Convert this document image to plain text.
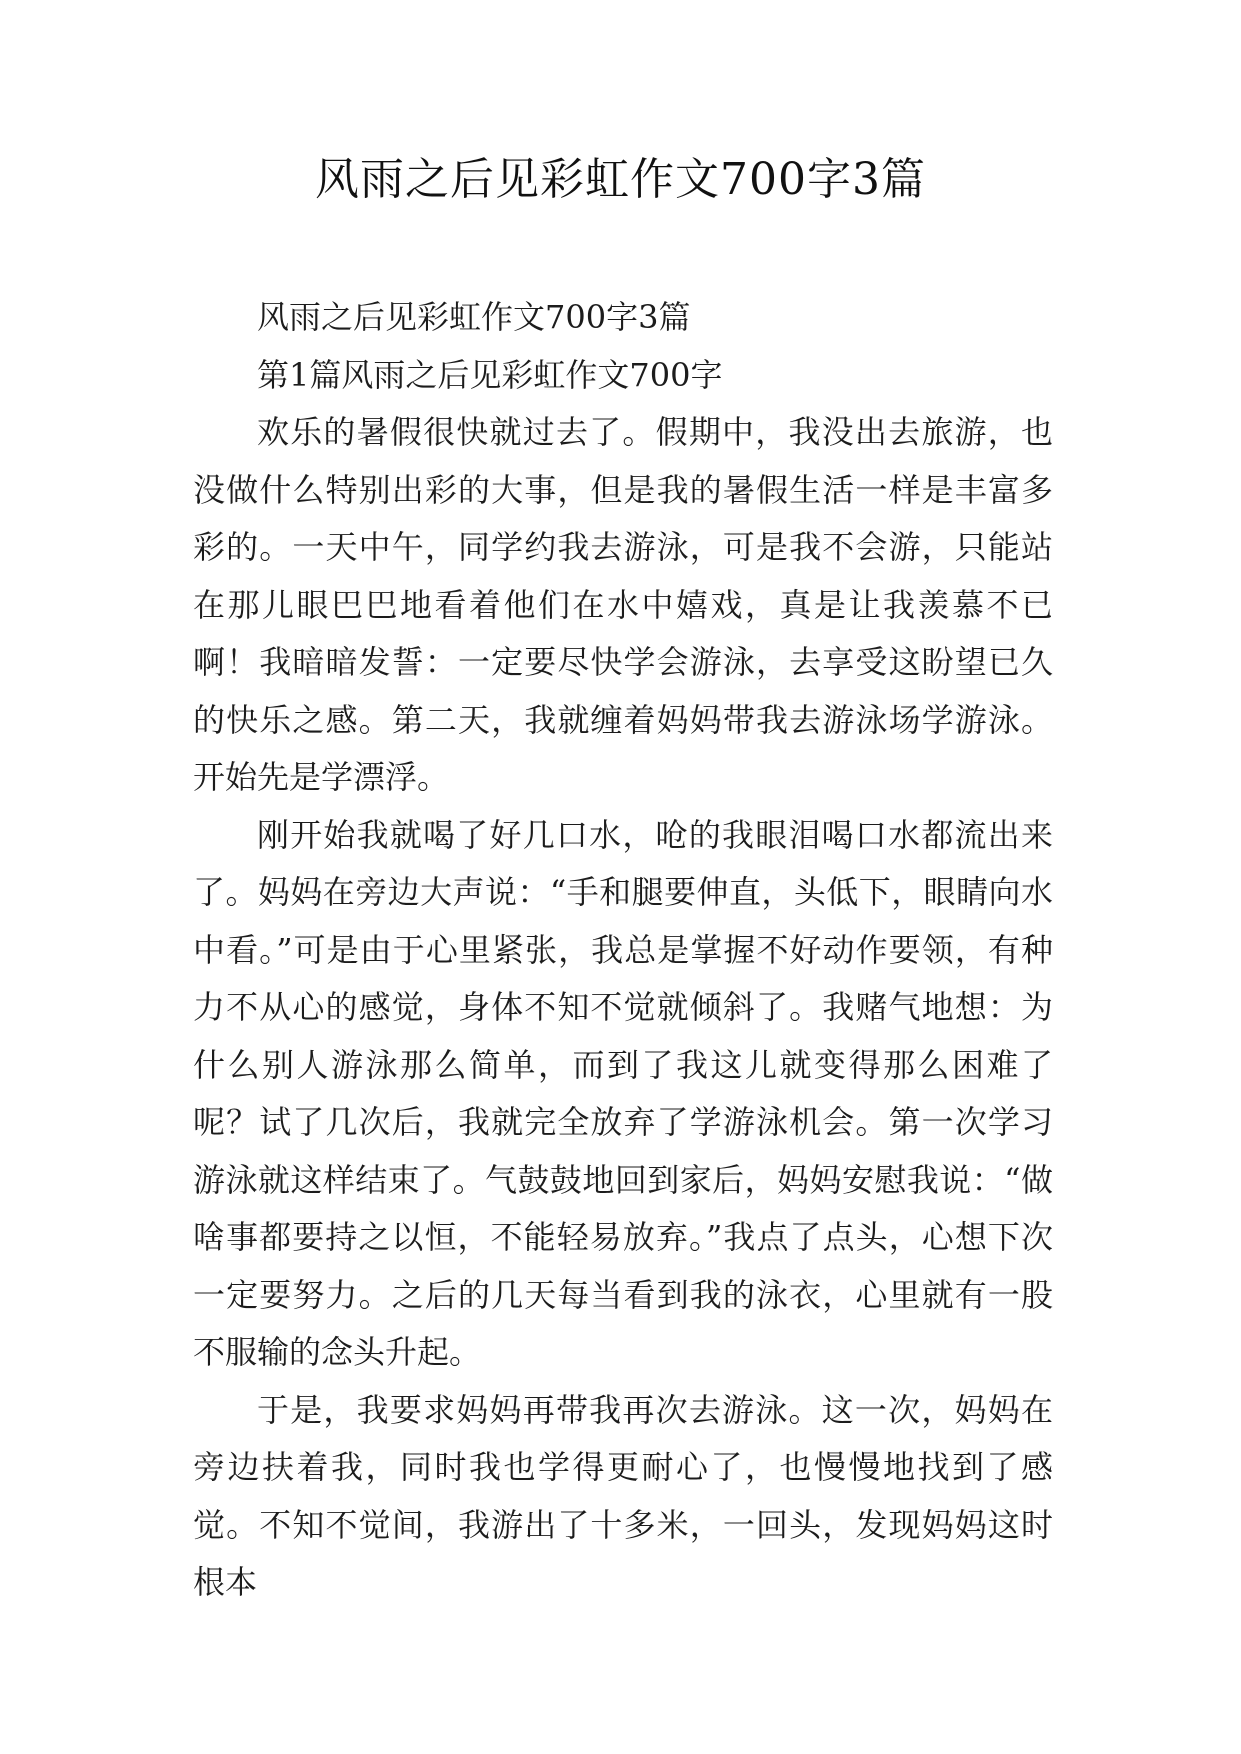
风雨之后见彩虹作文700字3篇

风雨之后见彩虹作文700字3篇

第1篇风雨之后见彩虹作文700字

欢乐的暑假很快就过去了。假期中，我没出去旅游，也没做什么特别出彩的大事，但是我的暑假生活一样是丰富多彩的。一天中午，同学约我去游泳，可是我不会游，只能站在那儿眼巴巴地看着他们在水中嬉戏，真是让我羡慕不已啊！我暗暗发誓：一定要尽快学会游泳，去享受这盼望已久的快乐之感。第二天，我就缠着妈妈带我去游泳场学游泳。开始先是学漂浮。

刚开始我就喝了好几口水，呛的我眼泪喝口水都流出来了。妈妈在旁边大声说：“手和腿要伸直，头低下，眼睛向水中看。”可是由于心里紧张，我总是掌握不好动作要领，有种力不从心的感觉，身体不知不觉就倾斜了。我赌气地想：为什么别人游泳那么简单，而到了我这儿就变得那么困难了呢？试了几次后，我就完全放弃了学游泳机会。第一次学习游泳就这样结束了。气鼓鼓地回到家后，妈妈安慰我说：“做啥事都要持之以恒，不能轻易放弃。”我点了点头，心想下次一定要努力。之后的几天每当看到我的泳衣，心里就有一股不服输的念头升起。

于是，我要求妈妈再带我再次去游泳。这一次，妈妈在旁边扶着我，同时我也学得更耐心了，也慢慢地找到了感觉。不知不觉间，我游出了十多米，一回头，发现妈妈这时根本
